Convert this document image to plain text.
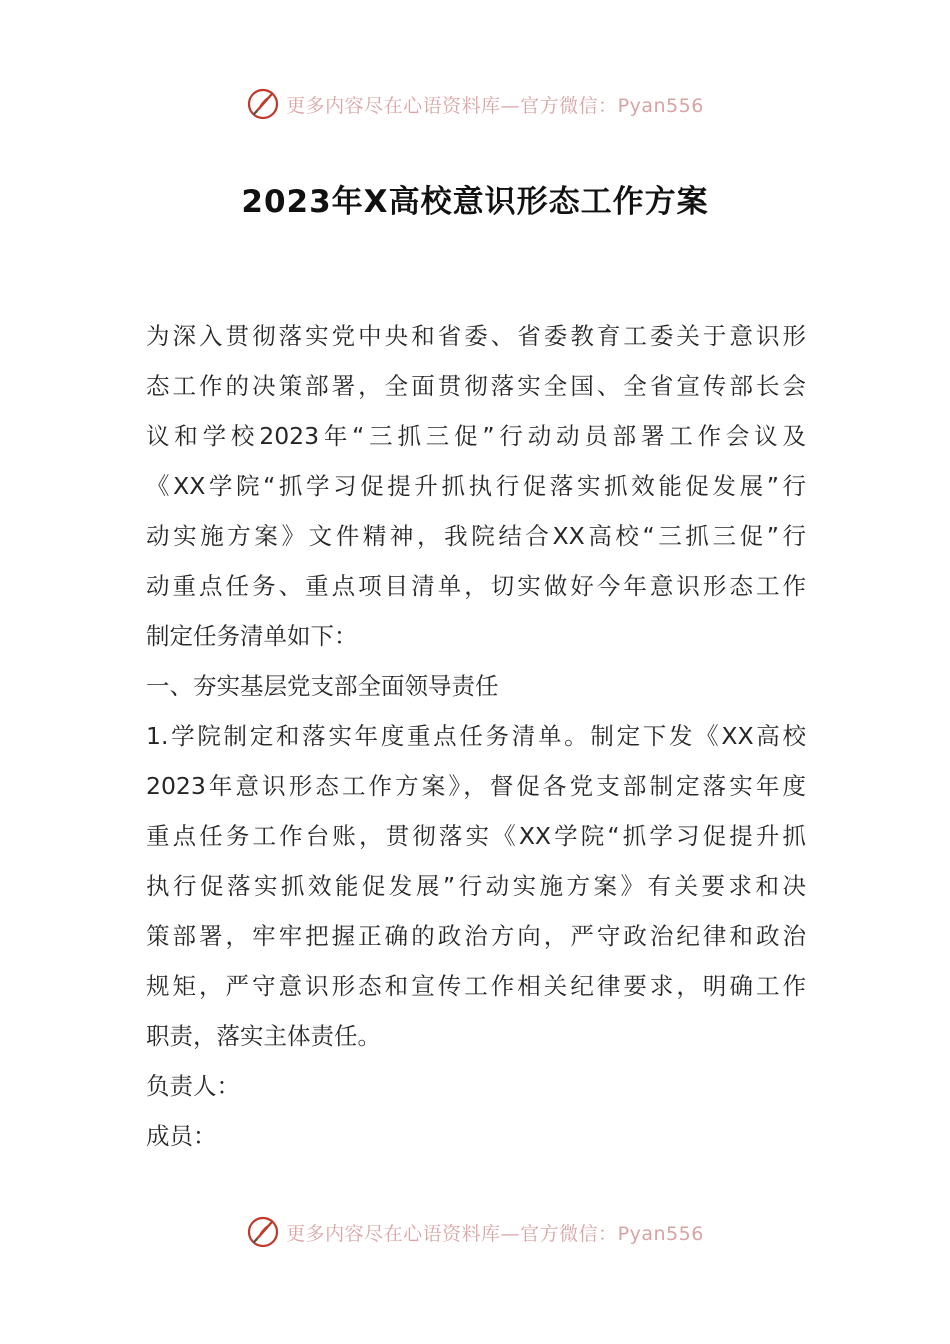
更多内容尽在心语资料库—官方微信：Pyan556
2023年X高校意识形态工作方案
为深入贯彻落实党中央和省委、省委教育工委关于意识形
态工作的决策部署，全面贯彻落实全国、全省宣传部长会
议和学校2023年“三抓三促”行动动员部署工作会议及
《XX学院“抓学习促提升抓执行促落实抓效能促发展”行
动实施方案》文件精神，我院结合XX高校“三抓三促”行
动重点任务、重点项目清单，切实做好今年意识形态工作
制定任务清单如下：
一、夯实基层党支部全面领导责任
1.学院制定和落实年度重点任务清单。制定下发《XX高校
2023年意识形态工作方案》，督促各党支部制定落实年度
重点任务工作台账，贯彻落实《XX学院“抓学习促提升抓
执行促落实抓效能促发展”行动实施方案》有关要求和决
策部署，牢牢把握正确的政治方向，严守政治纪律和政治
规矩，严守意识形态和宣传工作相关纪律要求，明确工作
职责，落实主体责任。
负责人：
成员：
更多内容尽在心语资料库—官方微信：Pyan556
